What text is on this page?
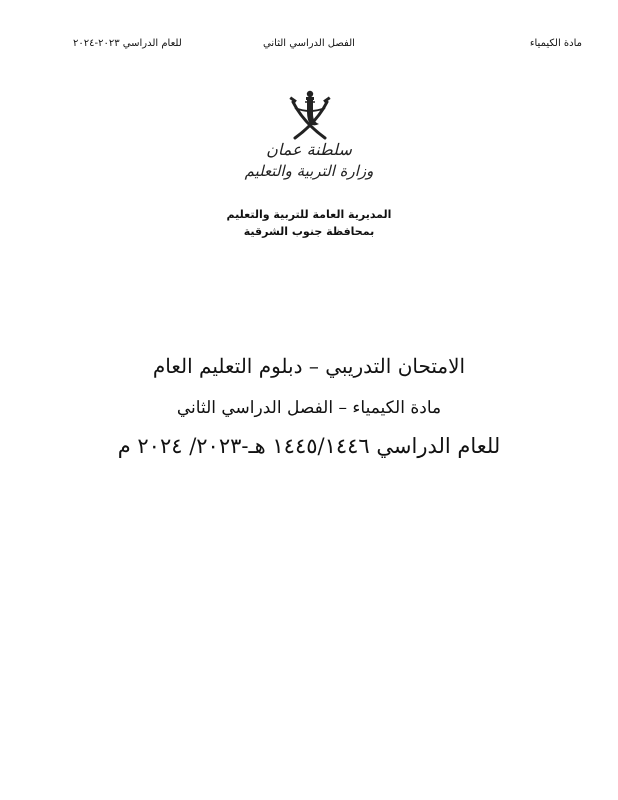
مادة الكيمياء
الفصل الدراسي الثاني
للعام الدراسي ٢٠٢٣-٢٠٢٤
سلطنة عمان
وزارة التربية والتعليم
المديرية العامة للتربية والتعليم
بمحافظة جنوب الشرقية
الامتحان التدريبي – دبلوم التعليم العام
مادة الكيمياء – الفصل الدراسي الثاني
للعام الدراسي ١٤٤٥/١٤٤٦ هـ-٢٠٢٣/ ٢٠٢٤ م
